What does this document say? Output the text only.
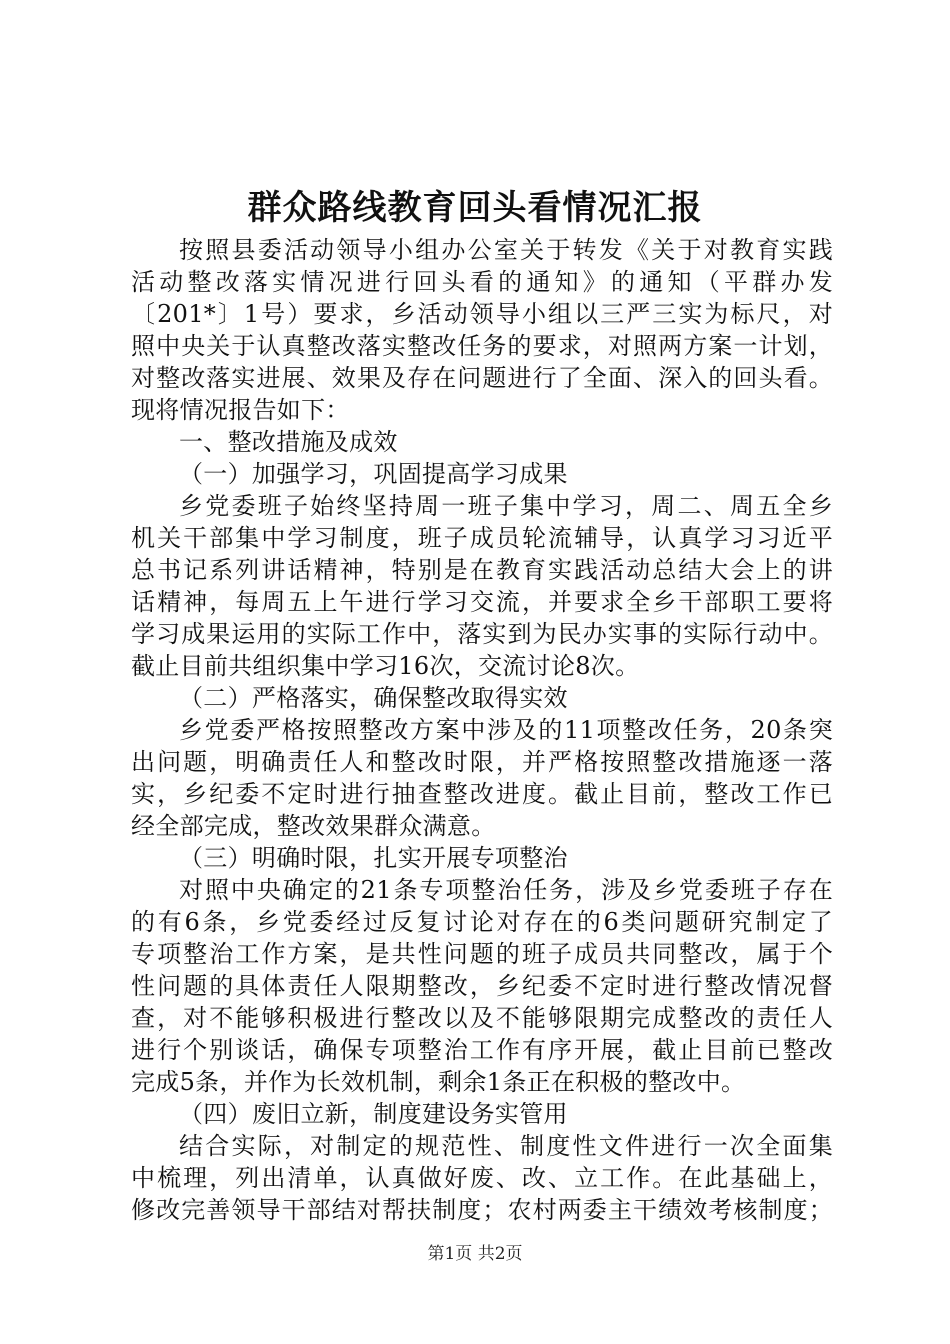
群众路线教育回头看情况汇报
按照县委活动领导小组办公室关于转发《关于对教育实践
活动整改落实情况进行回头看的通知》的通知（平群办发
〔201*〕1号）要求，乡活动领导小组以三严三实为标尺，对
照中央关于认真整改落实整改任务的要求，对照两方案一计划，
对整改落实进展、效果及存在问题进行了全面、深入的回头看。
现将情况报告如下：
一、整改措施及成效
（一）加强学习，巩固提高学习成果
乡党委班子始终坚持周一班子集中学习，周二、周五全乡
机关干部集中学习制度，班子成员轮流辅导，认真学习习近平
总书记系列讲话精神，特别是在教育实践活动总结大会上的讲
话精神，每周五上午进行学习交流，并要求全乡干部职工要将
学习成果运用的实际工作中，落实到为民办实事的实际行动中。
截止目前共组织集中学习16次，交流讨论8次。
（二）严格落实，确保整改取得实效
乡党委严格按照整改方案中涉及的11项整改任务，20条突
出问题，明确责任人和整改时限，并严格按照整改措施逐一落
实，乡纪委不定时进行抽查整改进度。截止目前，整改工作已
经全部完成，整改效果群众满意。
（三）明确时限，扎实开展专项整治
对照中央确定的21条专项整治任务，涉及乡党委班子存在
的有6条，乡党委经过反复讨论对存在的6类问题研究制定了
专项整治工作方案，是共性问题的班子成员共同整改，属于个
性问题的具体责任人限期整改，乡纪委不定时进行整改情况督
查，对不能够积极进行整改以及不能够限期完成整改的责任人
进行个别谈话，确保专项整治工作有序开展，截止目前已整改
完成5条，并作为长效机制，剩余1条正在积极的整改中。
（四）废旧立新，制度建设务实管用
结合实际，对制定的规范性、制度性文件进行一次全面集
中梳理，列出清单，认真做好废、改、立工作。在此基础上，
修改完善领导干部结对帮扶制度；农村两委主干绩效考核制度；
第1页 共2页
